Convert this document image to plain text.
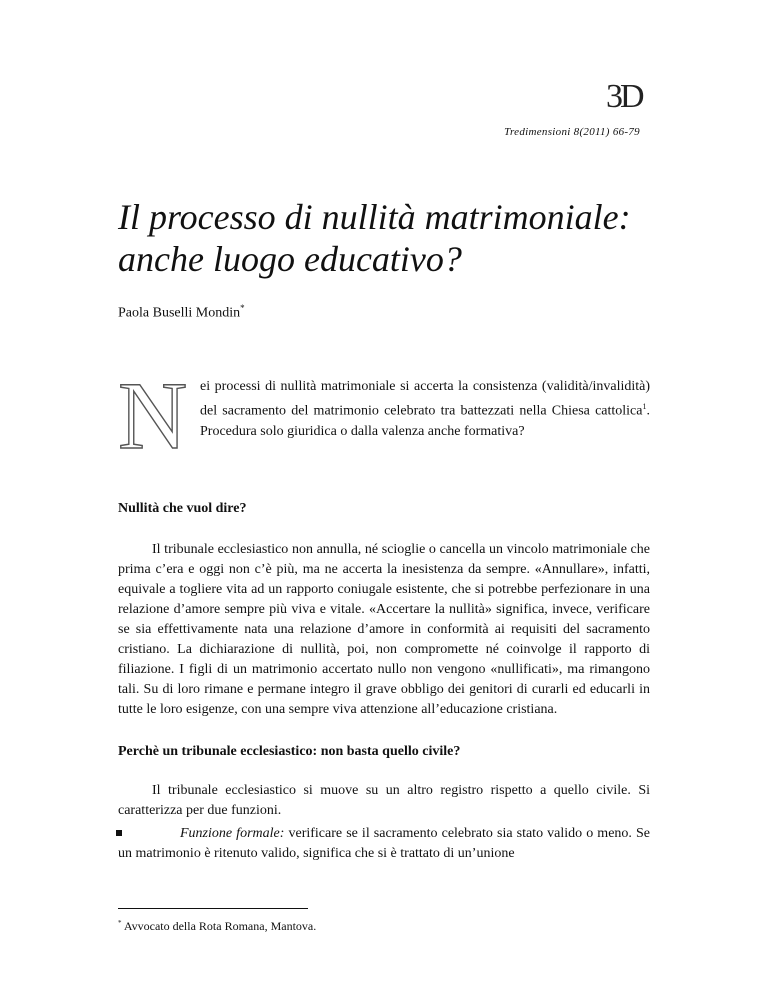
3D
Tredimensioni 8(2011) 66-79
Il processo di nullità matrimoniale:
anche luogo educativo?
Paola Buselli Mondin*
N ei processi di nullità matrimoniale si accerta la consistenza (validità/invalidità) del sacramento del matrimonio celebrato tra battezzati nella Chiesa cattolica$^1$. Procedura solo giuridica o dalla valenza anche formativa?

Nullità che vuol dire?

Il tribunale ecclesiastico non annulla, né scioglie o cancella un vincolo matrimoniale che prima c’era e oggi non c’è più, ma ne accerta la inesistenza da sempre. «Annullare», infatti, equivale a togliere vita ad un rapporto coniugale esistente, che si potrebbe perfezionare in una relazione d’amore sempre più viva e vitale. «Accertare la nullità» significa, invece, verificare se sia effettivamente nata una relazione d’amore in conformità ai requisiti del sacramento cristiano. La dichiarazione di nullità, poi, non compromette né coinvolge il rapporto di filiazione. I figli di un matrimonio accertato nullo non vengono «nullificati», ma rimangono tali. Su di loro rimane e permane integro il grave obbligo dei genitori di curarli ed educarli in tutte le loro esigenze, con una sempre viva attenzione all’educazione cristiana.

Perchè un tribunale ecclesiastico: non basta quello civile?

Il tribunale ecclesiastico si muove su un altro registro rispetto a quello civile. Si caratterizza per due funzioni.

Funzione formale: verificare se il sacramento celebrato sia stato valido o meno. Se un matrimonio è ritenuto valido, significa che si è trattato di un’unione

* Avvocato della Rota Romana, Mantova.
